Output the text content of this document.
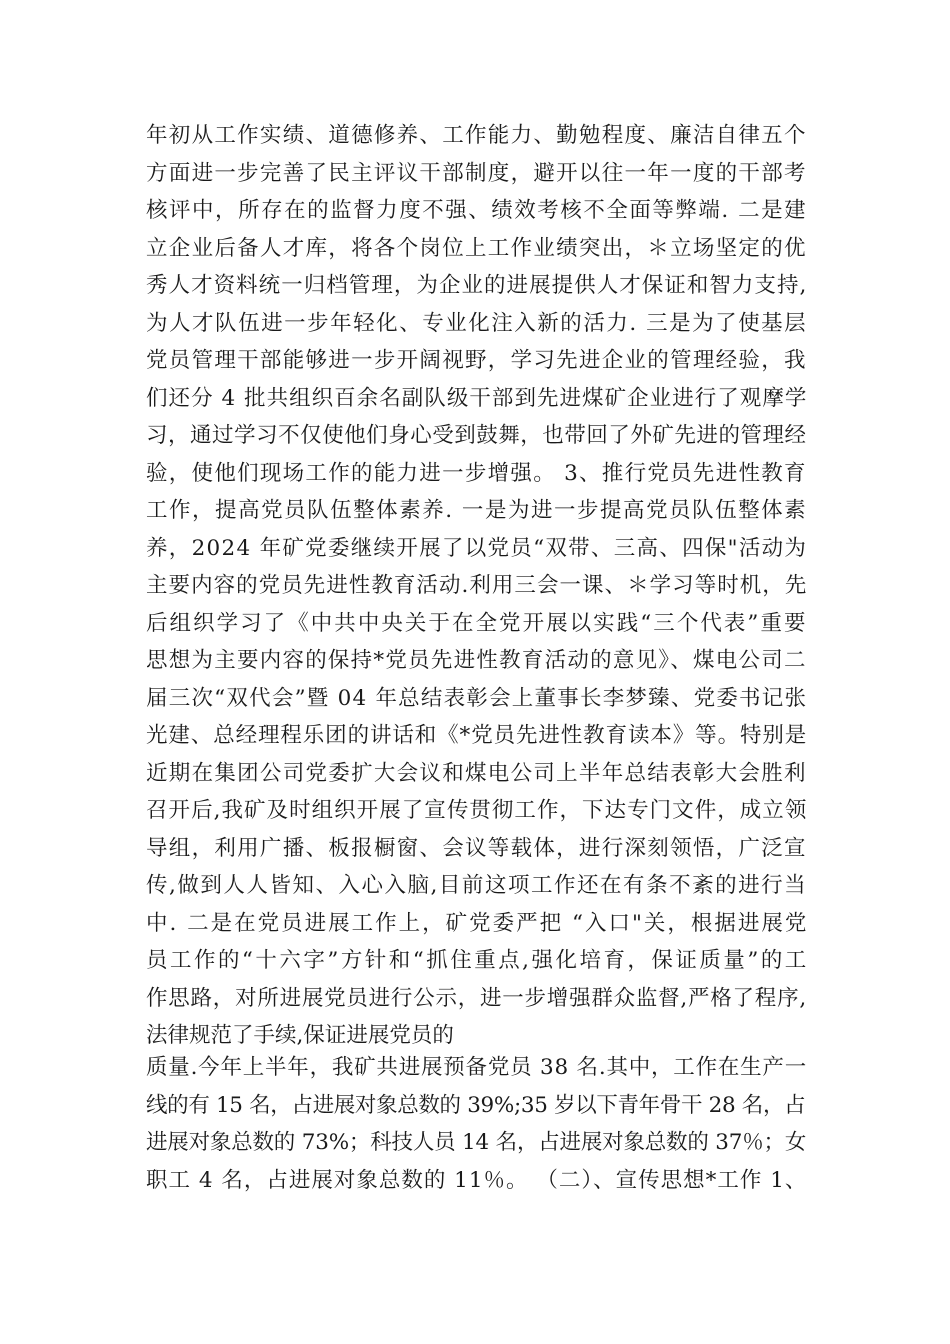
年初从工作实绩、道德修养、工作能力、勤勉程度、廉洁自律五个
方面进一步完善了民主评议干部制度，避开以往一年一度的干部考
核评中，所存在的监督力度不强、绩效考核不全面等弊端. 二是建
立企业后备人才库，将各个岗位上工作业绩突出，＊立场坚定的优
秀人才资料统一归档管理，为企业的进展提供人才保证和智力支持,
为人才队伍进一步年轻化、专业化注入新的活力. 三是为了使基层
党员管理干部能够进一步开阔视野，学习先进企业的管理经验，我
们还分 4 批共组织百余名副队级干部到先进煤矿企业进行了观摩学
习，通过学习不仅使他们身心受到鼓舞，也带回了外矿先进的管理经
验，使他们现场工作的能力进一步增强。 3、推行党员先进性教育
工作，提高党员队伍整体素养. 一是为进一步提高党员队伍整体素
养，2024 年矿党委继续开展了以党员“双带、三高、四保"活动为
主要内容的党员先进性教育活动.利用三会一课、＊学习等时机，先
后组织学习了《中共中央关于在全党开展以实践“三个代表”重要
思想为主要内容的保持*党员先进性教育活动的意见》、煤电公司二
届三次“双代会”暨 04 年总结表彰会上董事长李梦臻、党委书记张
光建、总经理程乐团的讲话和《*党员先进性教育读本》等。特别是
近期在集团公司党委扩大会议和煤电公司上半年总结表彰大会胜利
召开后,我矿及时组织开展了宣传贯彻工作，下达专门文件，成立领
导组，利用广播、板报橱窗、会议等载体，进行深刻领悟，广泛宣
传,做到人人皆知、入心入脑,目前这项工作还在有条不紊的进行当
中. 二是在党员进展工作上，矿党委严把 “入口"关，根据进展党
员工作的“十六字”方针和“抓住重点,强化培育，保证质量”的工
作思路，对所进展党员进行公示，进一步增强群众监督,严格了程序,
法律规范了手续,保证进展党员的
质量.今年上半年，我矿共进展预备党员 38 名.其中，工作在生产一
线的有 15 名，占进展对象总数的 39%;35 岁以下青年骨干 28 名，占
进展对象总数的 73%；科技人员 14 名，占进展对象总数的 37％；女
职工 4 名，占进展对象总数的 11％。 （二）、宣传思想*工作 1、
